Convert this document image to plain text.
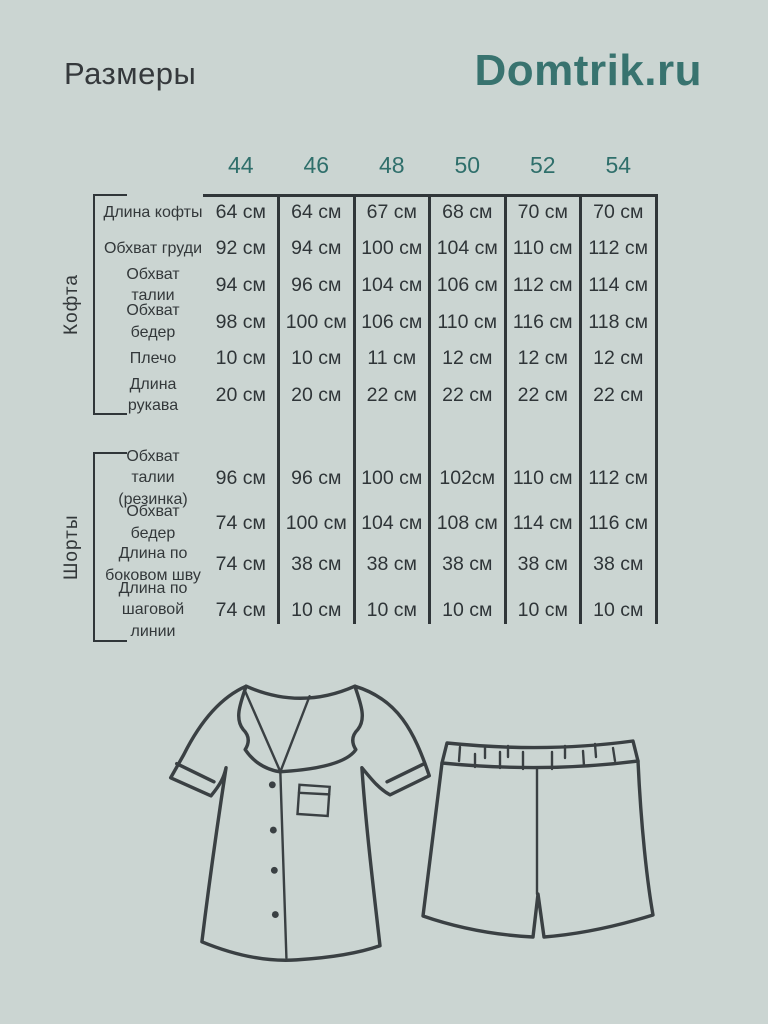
Размеры	Domtrik.ru
44	46	48	50	52	54
Кофта
Шорты
Длина кофты 64 см	64 см	67 см	68 см	70 см	70 см
Обхват груди 92 см	94 см	100 см 104 см 110 см 112 см
Обхват талии	94 см	96 см	104 см 106 см 112 см 114 см
Обхват бедер	98 см	100 см 106 см 110 см 116 см 118 см
Плечо	10 см	10 см	11 см	12 см	12 см	12 см
Длина рукава	20 см	20 см	22 см	22 см	22 см	22 см
Обхват талии
(резинка)
96 см	96 см	100 см 102см 110 см 112 см
Обхват бедер	74 см	100 см 104 см 108 см 114 см 116 см
Длина по
боковом шву 74 см	38 см	38 см	38 см	38 см	38 см
Длина по
шаговой линии
74 см	10 см	10 см	10 см	10 см	10 см
